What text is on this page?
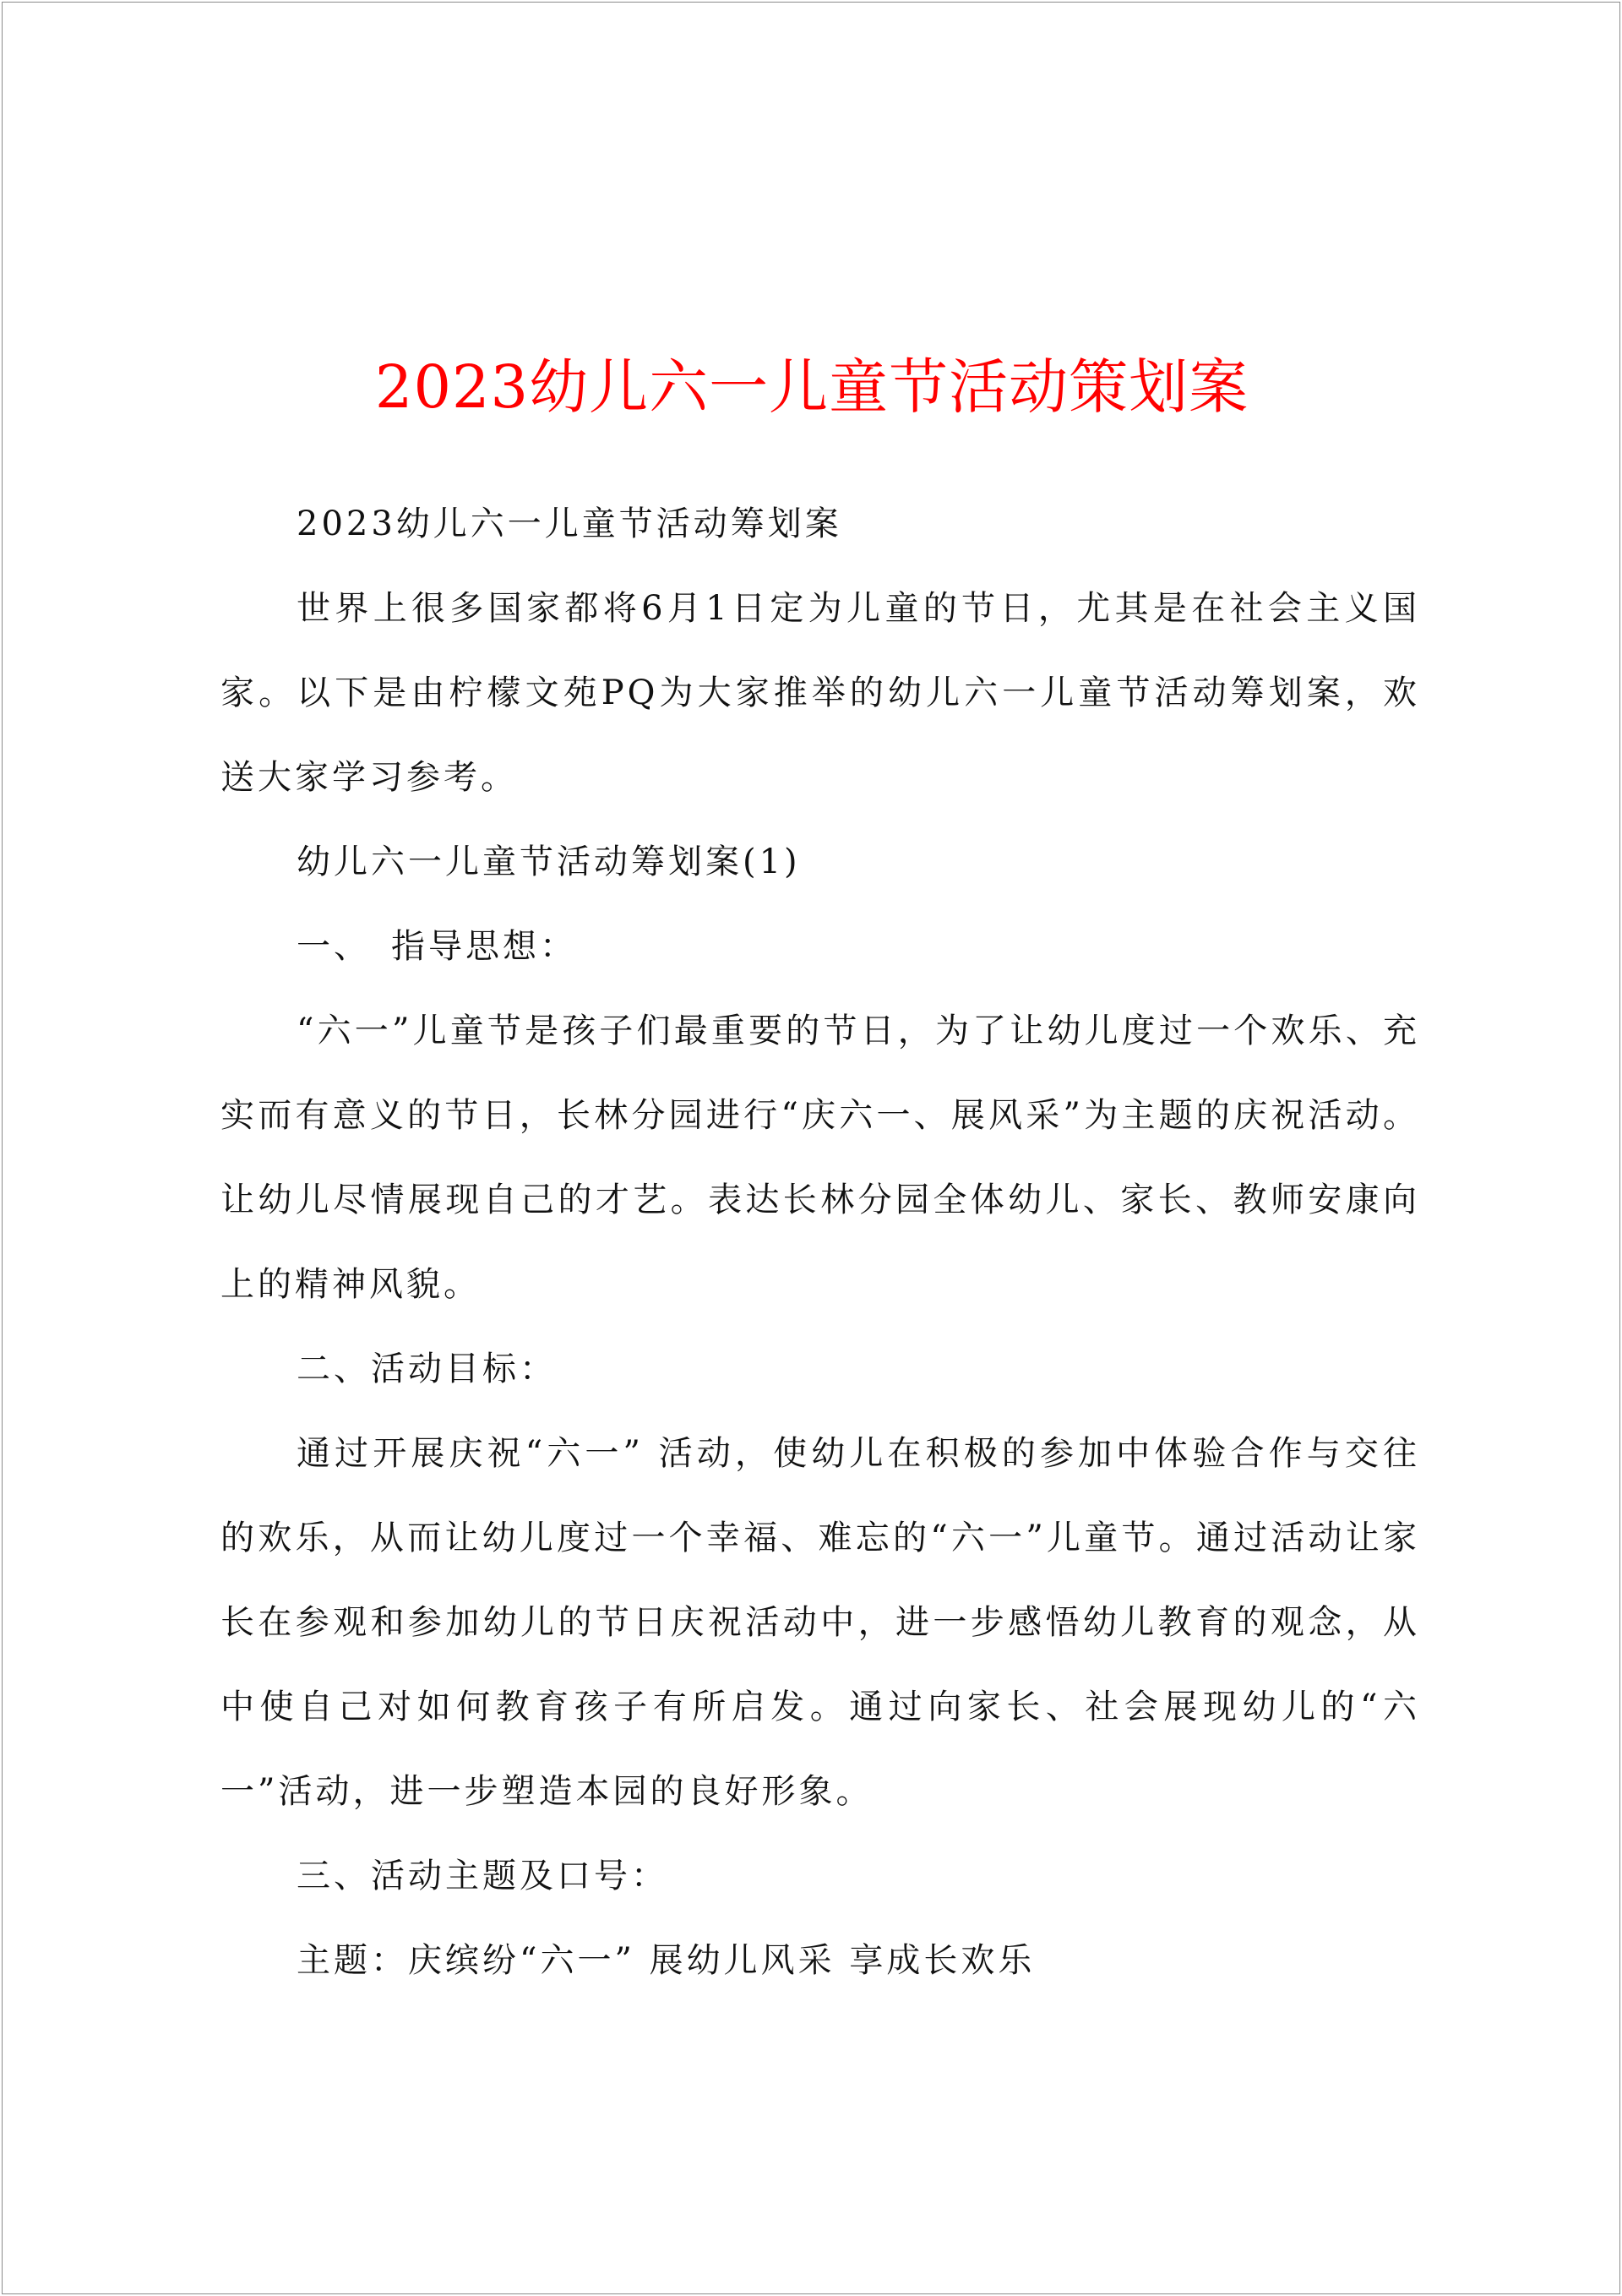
2023幼儿六一儿童节活动策划案

2023幼儿六一儿童节活动筹划案

世界上很多国家都将6月1日定为儿童的节日，尤其是在社会主义国家。以下是由柠檬文苑PQ为大家推举的幼儿六一儿童节活动筹划案，欢送大家学习参考。

幼儿六一儿童节活动筹划案(1)

一、　指导思想：

“六一”儿童节是孩子们最重要的节日，为了让幼儿度过一个欢乐、充实而有意义的节日，长林分园进行“庆六一、展风采”为主题的庆祝活动。让幼儿尽情展现自己的才艺。表达长林分园全体幼儿、家长、教师安康向上的精神风貌。

二、活动目标：

通过开展庆祝“六一” 活动，使幼儿在积极的参加中体验合作与交往的欢乐，从而让幼儿度过一个幸福、难忘的“六一”儿童节。通过活动让家长在参观和参加幼儿的节日庆祝活动中，进一步感悟幼儿教育的观念，从中使自己对如何教育孩子有所启发。通过向家长、社会展现幼儿的“六一”活动，进一步塑造本园的良好形象。

三、活动主题及口号：

主题：庆缤纷“六一” 展幼儿风采 享成长欢乐
